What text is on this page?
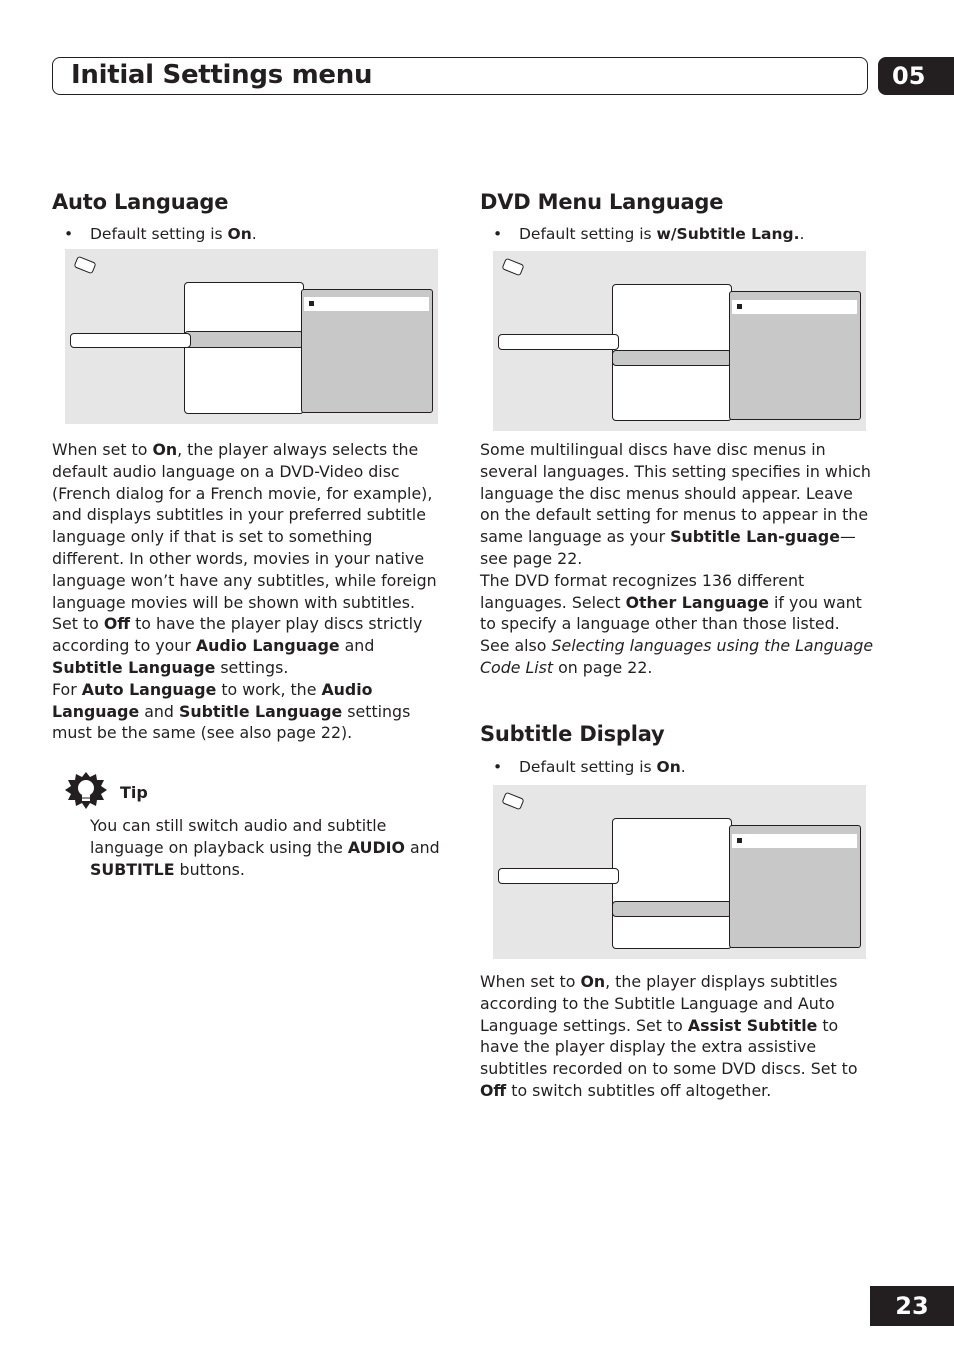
Initial Settings menu	05
Auto Language
• Default setting is On.
When set to On, the player always selects the default audio language on a DVD-Video disc (French dialog for a French movie, for example), and displays subtitles in your preferred subtitle language only if that is set to something different. In other words, movies in your native language won’t have any subtitles, while foreign language movies will be shown with subtitles.
Set to Off to have the player play discs strictly according to your Audio Language and Subtitle Language settings.
For Auto Language to work, the Audio Language and Subtitle Language settings must be the same (see also page 22).
Tip
You can still switch audio and subtitle language on playback using the AUDIO and SUBTITLE buttons.
DVD Menu Language
• Default setting is w/Subtitle Lang..
Some multilingual discs have disc menus in several languages. This setting specifies in which language the disc menus should appear. Leave on the default setting for menus to appear in the same language as your Subtitle Lan-guage—see page 22.
The DVD format recognizes 136 different languages. Select Other Language if you want to specify a language other than those listed. See also Selecting languages using the Language Code List on page 22.
Subtitle Display
• Default setting is On.
When set to On, the player displays subtitles according to the Subtitle Language and Auto Language settings. Set to Assist Subtitle to have the player display the extra assistive subtitles recorded on to some DVD discs. Set to Off to switch subtitles off altogether.
23
